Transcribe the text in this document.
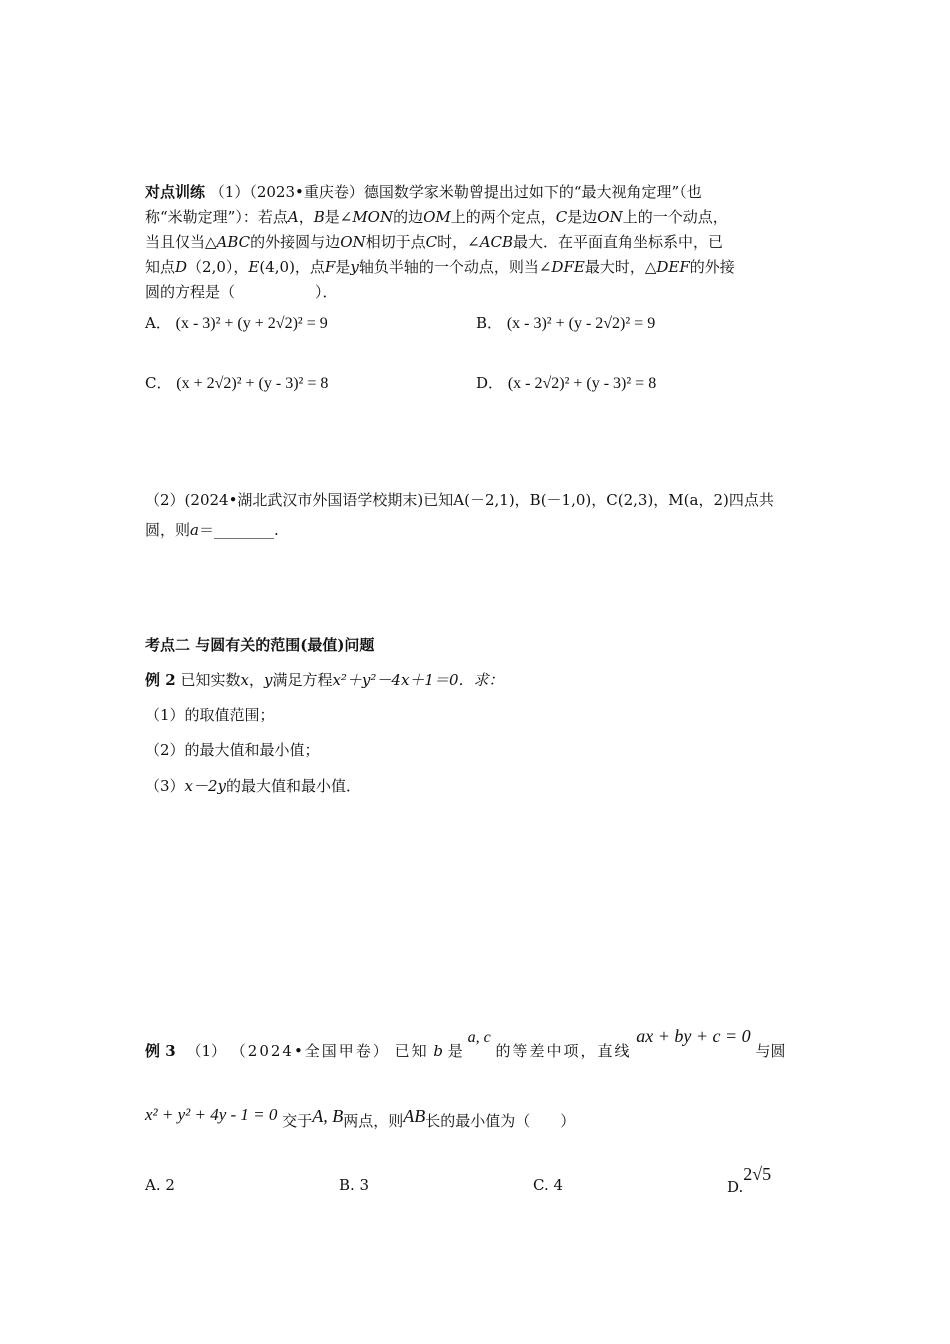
对点训练 （1）（2023•重庆卷）德国数学家米勒曾提出过如下的“最大视角定理”（也
称“米勒定理”）：若点A，B是∠MON的边OM上的两个定点，C是边ON上的一个动点，
当且仅当△ABC的外接圆与边ON相切于点C时，∠ACB最大．在平面直角坐标系中，已
知点D（2,0），E(4,0)，点F是y轴负半轴的一个动点，则当∠DFE最大时，△DEF的外接
圆的方程是（	）．
A． (x - 3)² + (y + 2√2)² = 9	B． (x - 3)² + (y - 2√2)² = 9
C． (x + 2√2)² + (y - 3)² = 8	D． (x - 2√2)² + (y - 3)² = 8
（2）(2024•湖北武汉市外国语学校期末)已知A(－2,1)，B(－1,0)，C(2,3)，M(a，2)四点共
圆，则a＝________.
考点二 与圆有关的范围(最值)问题
例 2 已知实数x，y满足方程x²＋y²－4x＋1＝0．求：
（1）的取值范围；
（2）的最大值和最小值；
（3）x－2y的最大值和最小值．
例 3 （1） （2024•全国甲卷） 已知 b 是 a, c 的等差中项，直线 ax + by + c = 0 与圆
x² + y² + 4y - 1 = 0 交于A, B两点，则AB长的最小值为（ ）
A. 2	B. 3	C. 4	D.2√5
